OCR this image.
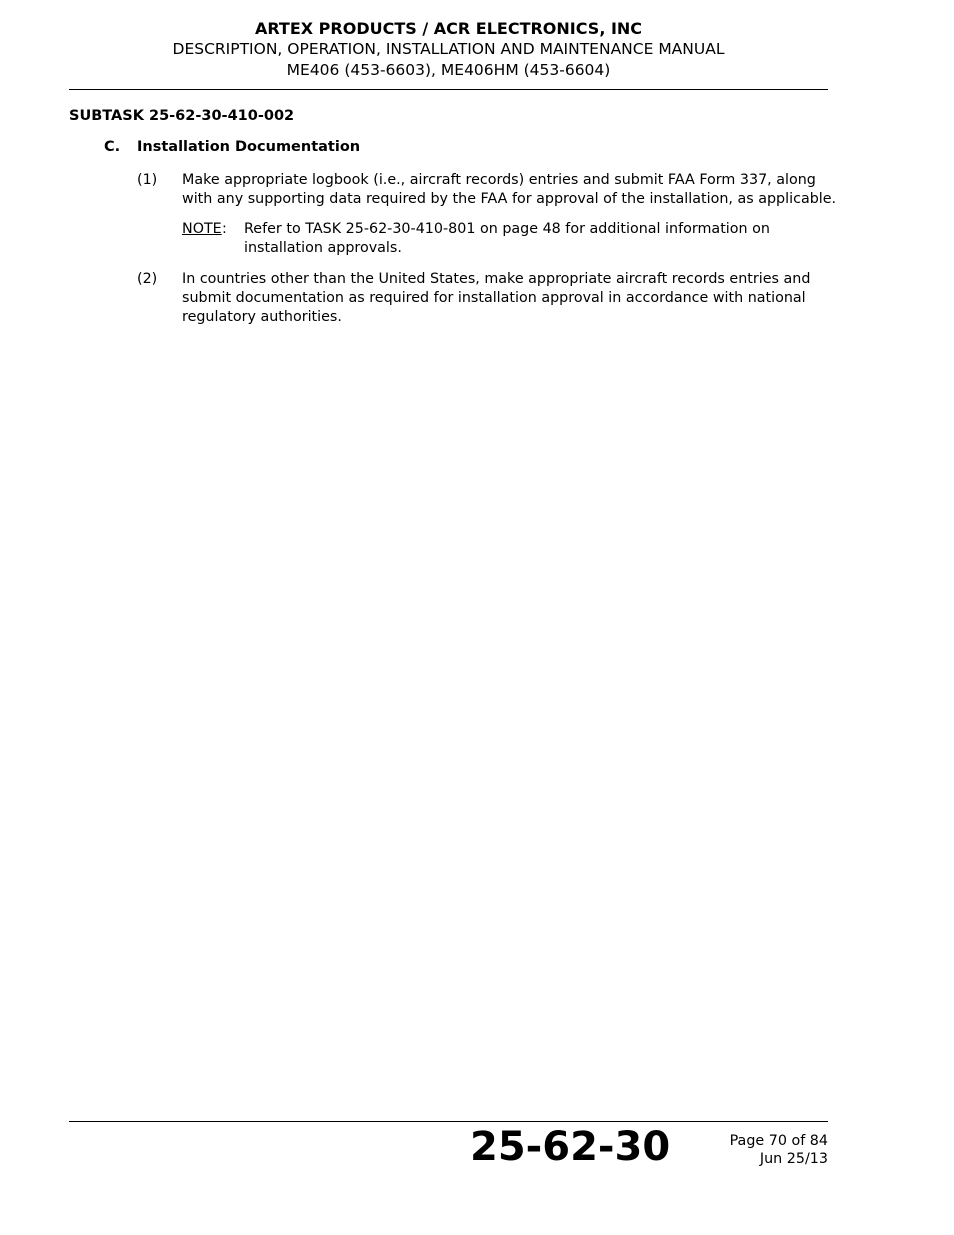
ARTEX PRODUCTS / ACR ELECTRONICS, INC
DESCRIPTION, OPERATION, INSTALLATION AND MAINTENANCE MANUAL
ME406 (453-6603), ME406HM (453-6604)
SUBTASK 25-62-30-410-002
C. Installation Documentation
(1) Make appropriate logbook (i.e., aircraft records) entries and submit FAA Form 337, along with any supporting data required by the FAA for approval of the installation, as applicable.
NOTE : Refer to TASK 25-62-30-410-801 on page 48 for additional information on installation approvals.
(2) In countries other than the United States, make appropriate aircraft records entries and submit documentation as required for installation approval in accordance with national regulatory authorities.
25-62-30	Page 70 of 84
Jun 25/13
